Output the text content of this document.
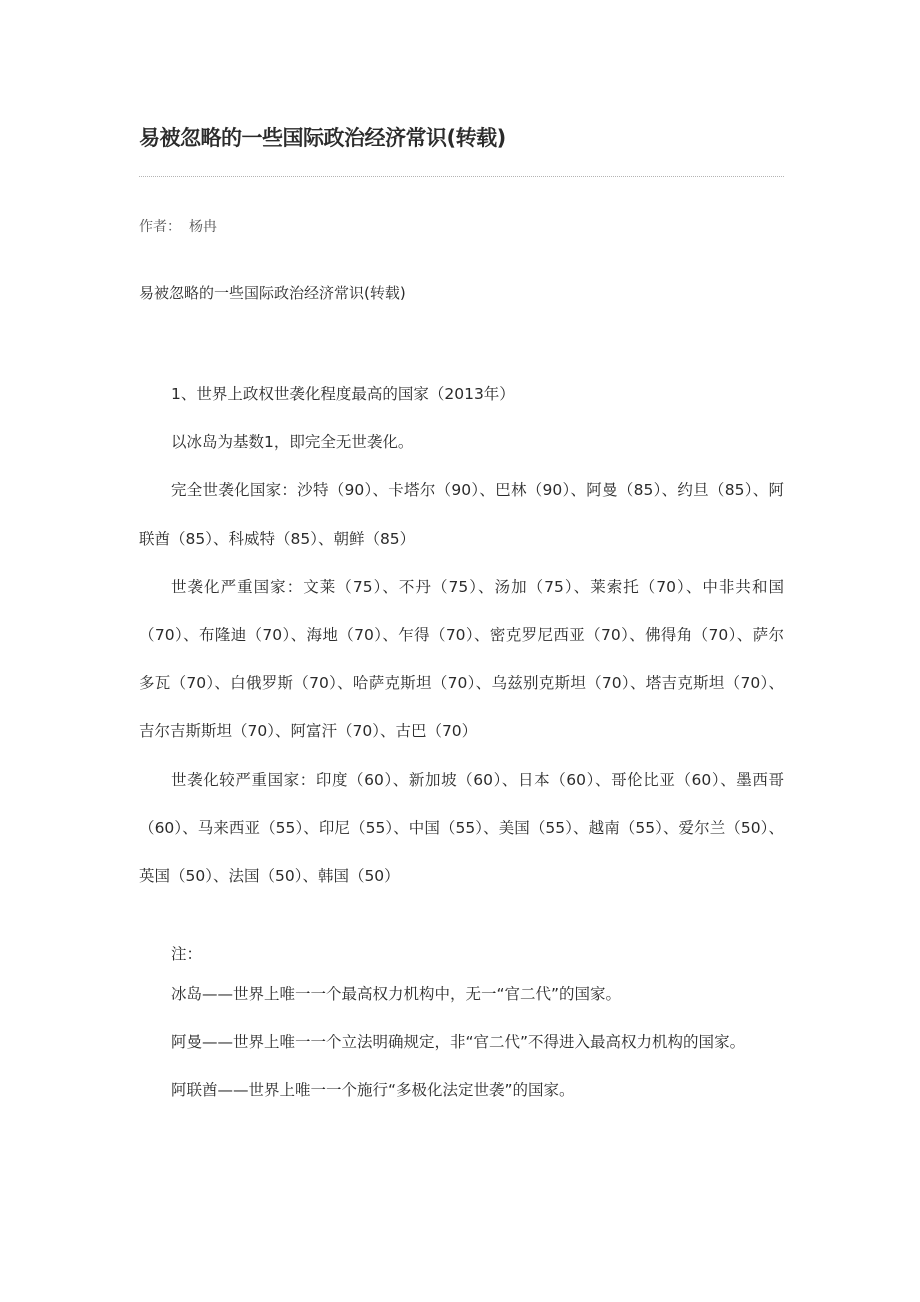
易被忽略的一些国际政治经济常识(转载)
作者： 杨冉
易被忽略的一些国际政治经济常识(转载)

1、世界上政权世袭化程度最高的国家（2013年）

以冰岛为基数1，即完全无世袭化。

完全世袭化国家：沙特（90）、卡塔尔（90）、巴林（90）、阿曼（85）、约旦（85）、阿联酋（85）、科威特（85）、朝鲜（85）

世袭化严重国家：文莱（75）、不丹（75）、汤加（75）、莱索托（70）、中非共和国（70）、布隆迪（70）、海地（70）、乍得（70）、密克罗尼西亚（70）、佛得角（70）、萨尔多瓦（70）、白俄罗斯（70）、哈萨克斯坦（70）、乌兹别克斯坦（70）、塔吉克斯坦（70）、吉尔吉斯斯坦（70）、阿富汗（70）、古巴（70）

世袭化较严重国家：印度（60）、新加坡（60）、日本（60）、哥伦比亚（60）、墨西哥（60）、马来西亚（55）、印尼（55）、中国（55）、美国（55）、越南（55）、爱尔兰（50）、英国（50）、法国（50）、韩国（50）

注：

冰岛——世界上唯一一个最高权力机构中，无一“官二代”的国家。

阿曼——世界上唯一一个立法明确规定，非“官二代”不得进入最高权力机构的国家。

阿联酋——世界上唯一一个施行“多极化法定世袭”的国家。
